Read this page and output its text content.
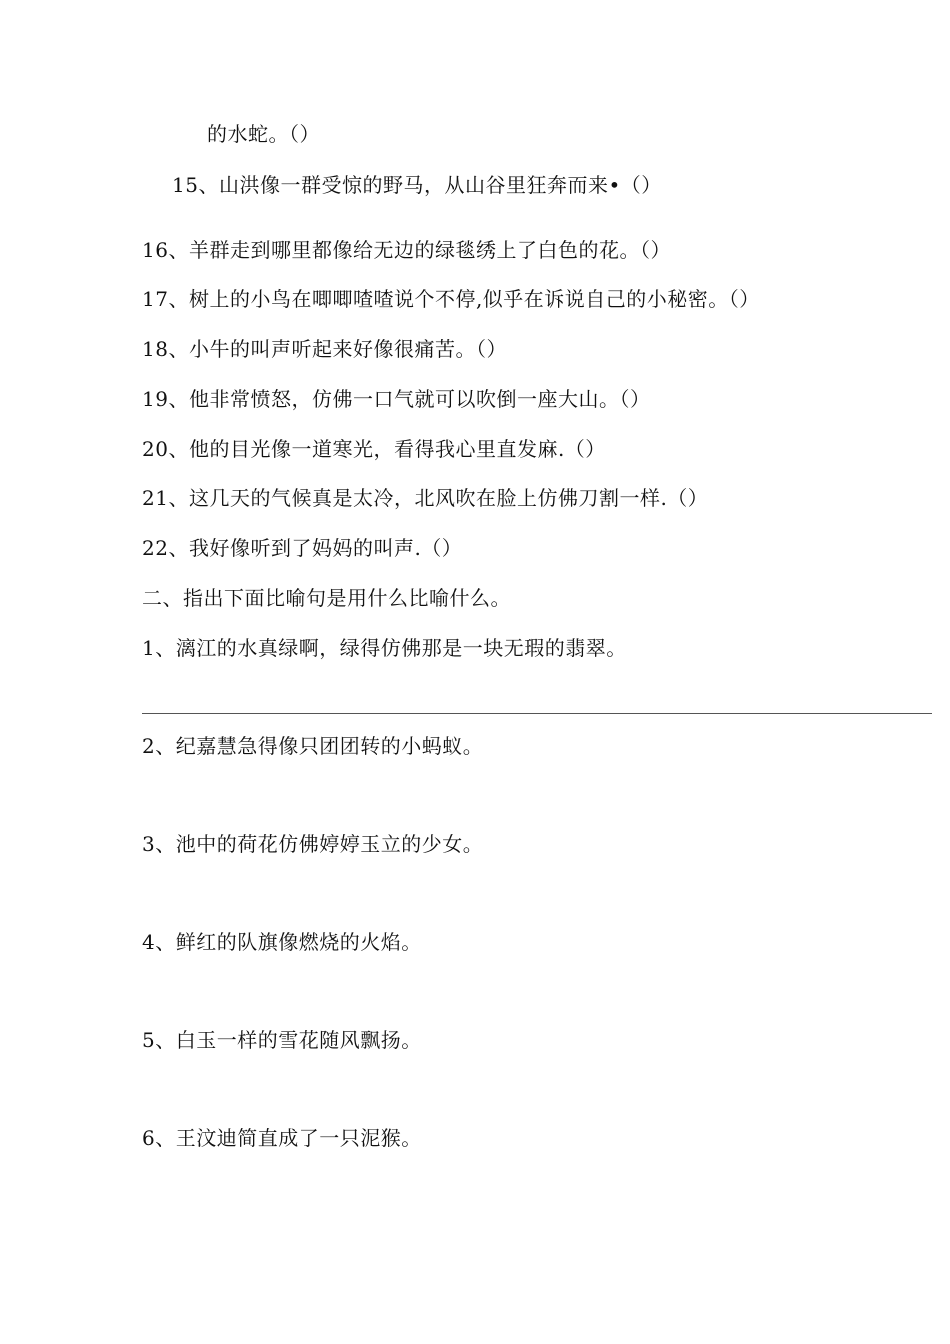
的水蛇。（）
15、山洪像一群受惊的野马，从山谷里狂奔而来•（）
16、羊群走到哪里都像给无边的绿毯绣上了白色的花。（）
17、树上的小鸟在唧唧喳喳说个不停,似乎在诉说自己的小秘密。（）
18、小牛的叫声听起来好像很痛苦。（）
19、他非常愤怒，仿佛一口气就可以吹倒一座大山。（）
20、他的目光像一道寒光，看得我心里直发麻.（）
21、这几天的气候真是太冷，北风吹在脸上仿佛刀割一样.（）
22、我好像听到了妈妈的叫声.（）
二、指出下面比喻句是用什么比喻什么。
1、漓江的水真绿啊，绿得仿佛那是一块无瑕的翡翠。
2、纪嘉慧急得像只团团转的小蚂蚁。
3、池中的荷花仿佛婷婷玉立的少女。
4、鲜红的队旗像燃烧的火焰。
5、白玉一样的雪花随风飘扬。
6、王汶迪简直成了一只泥猴。
